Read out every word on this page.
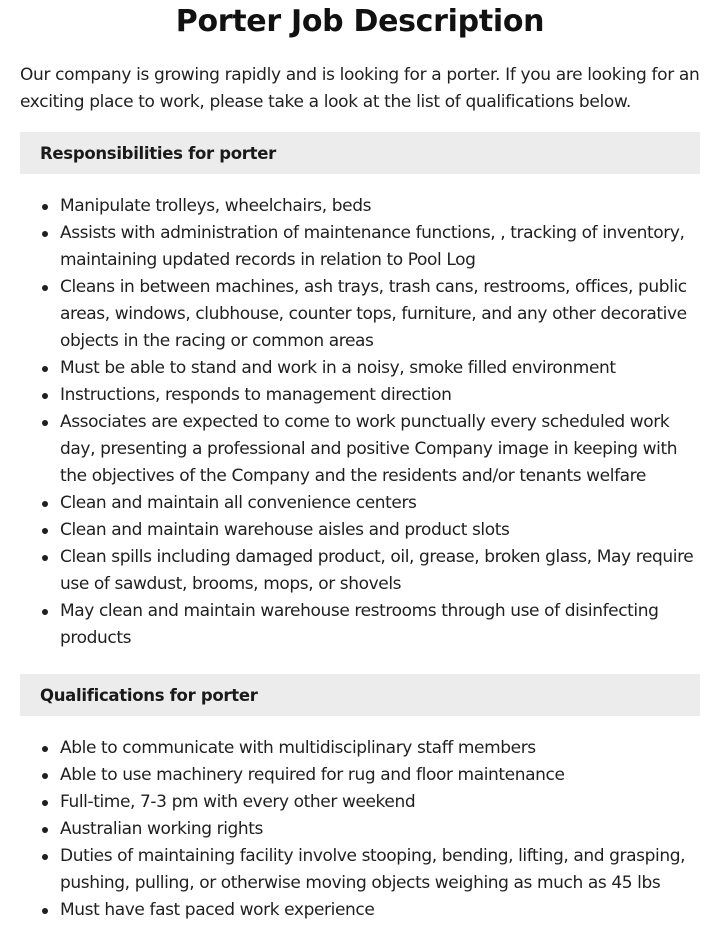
Porter Job Description

Our company is growing rapidly and is looking for a porter. If you are looking for an exciting place to work, please take a look at the list of qualifications below.

Responsibilities for porter
Manipulate trolleys, wheelchairs, beds
Assists with administration of maintenance functions, , tracking of inventory, maintaining updated records in relation to Pool Log
Cleans in between machines, ash trays, trash cans, restrooms, offices, public areas, windows, clubhouse, counter tops, furniture, and any other decorative objects in the racing or common areas
Must be able to stand and work in a noisy, smoke filled environment
Instructions, responds to management direction
Associates are expected to come to work punctually every scheduled work day, presenting a professional and positive Company image in keeping with the objectives of the Company and the residents and/or tenants welfare
Clean and maintain all convenience centers
Clean and maintain warehouse aisles and product slots
Clean spills including damaged product, oil, grease, broken glass, May require use of sawdust, brooms, mops, or shovels
May clean and maintain warehouse restrooms through use of disinfecting products
Qualifications for porter
Able to communicate with multidisciplinary staff members
Able to use machinery required for rug and floor maintenance
Full-time, 7-3 pm with every other weekend
Australian working rights
Duties of maintaining facility involve stooping, bending, lifting, and grasping, pushing, pulling, or otherwise moving objects weighing as much as 45 lbs
Must have fast paced work experience
